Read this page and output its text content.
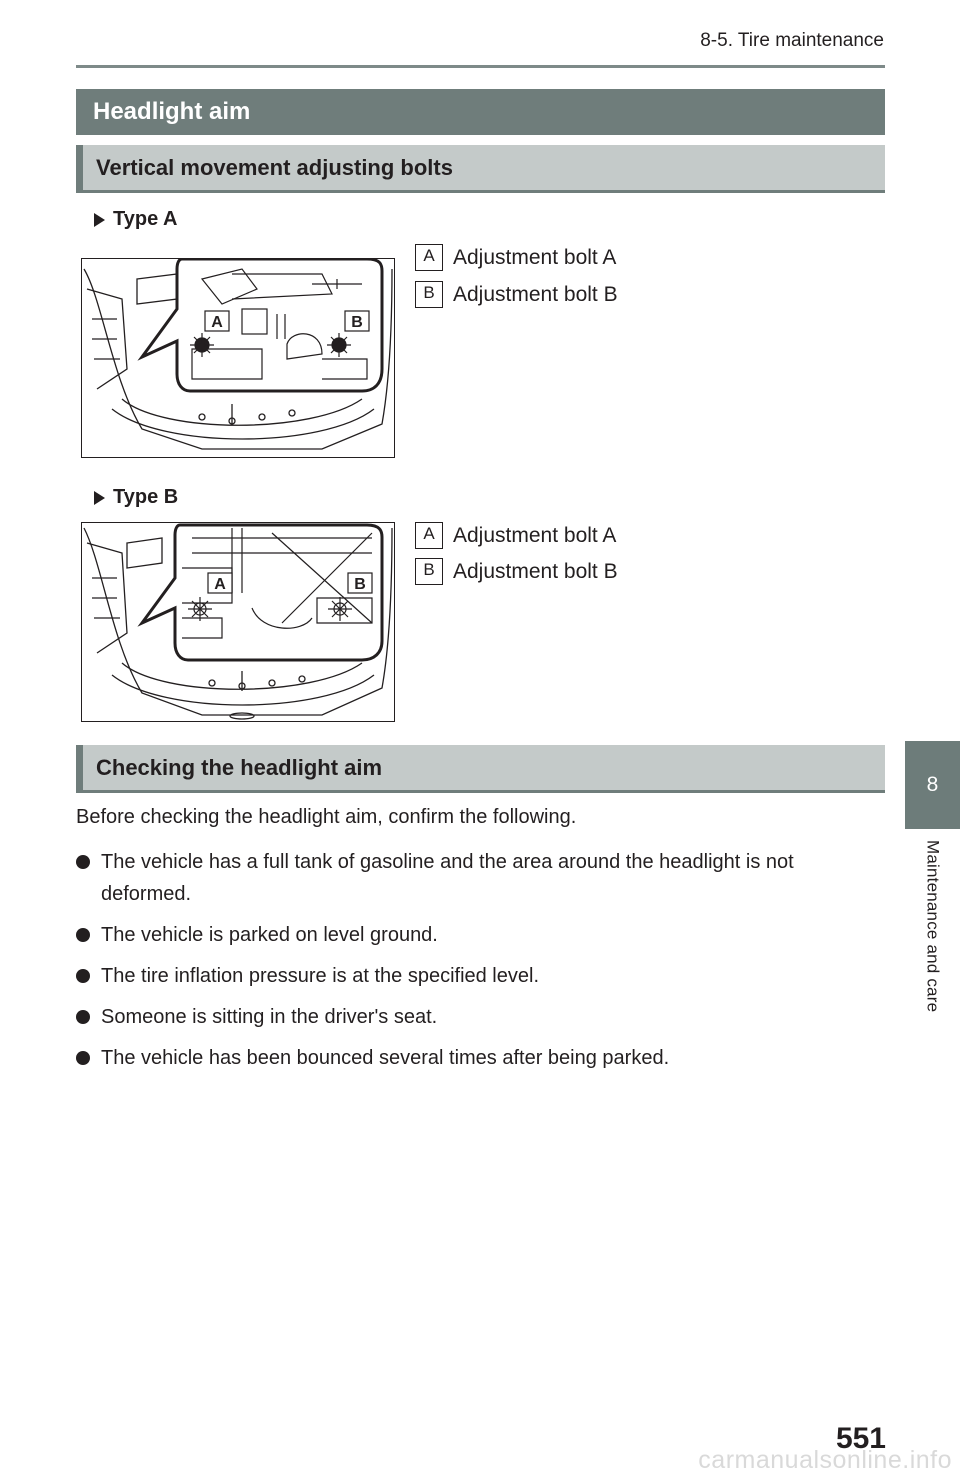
8-5. Tire maintenance
8
Maintenance and care
Headlight aim
Vertical movement adjusting bolts
Type A
A	B
A Adjustment bolt A
B Adjustment bolt B
Type B
A	B
A Adjustment bolt A
B Adjustment bolt B
Checking the headlight aim
Before checking the headlight aim, confirm the following.
The vehicle has a full tank of gasoline and the area around the headlight is not deformed.
The vehicle is parked on level ground.
The tire inflation pressure is at the specified level.
Someone is sitting in the driver's seat.
The vehicle has been bounced several times after being parked.
551
carmanualsonline.info
